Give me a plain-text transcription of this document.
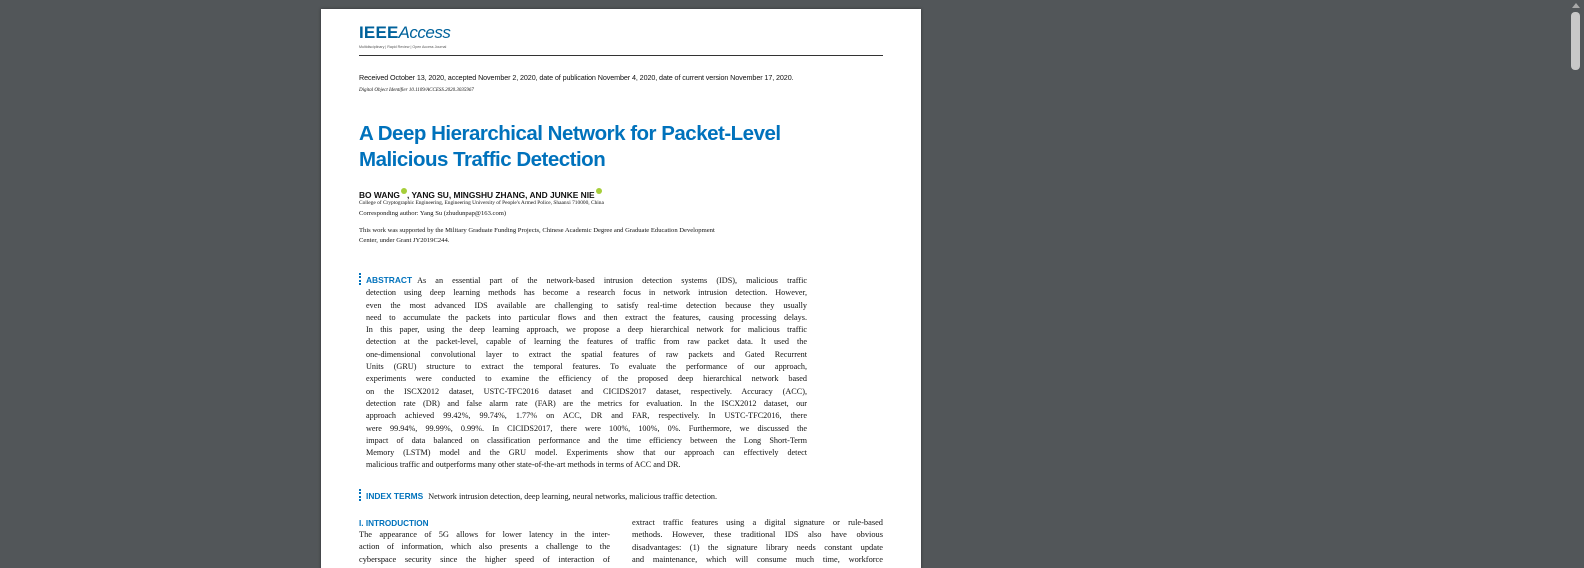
IEEEAccess
Multidisciplinary | Rapid Review | Open Access Journal
Received October 13, 2020, accepted November 2, 2020, date of publication November 4, 2020, date of current version November 17, 2020.
Digital Object Identifier 10.1109/ACCESS.2020.3035967
A Deep Hierarchical Network for Packet-Level
Malicious Traffic Detection
BO WANG , YANG SU, MINGSHU ZHANG, AND JUNKE NIE
College of Cryptographic Engineering, Engineering University of People's Armed Police, Shaanxi 710000, China
Corresponding author: Yang Su (zhudunpap@163.com)
This work was supported by the Military Graduate Funding Projects, Chinese Academic Degree and Graduate Education Development
Center, under Grant JY2019C244.
ABSTRACT As an essential part of the network-based intrusion detection systems (IDS), malicious traffic
detection using deep learning methods has become a research focus in network intrusion detection. However,
even the most advanced IDS available are challenging to satisfy real-time detection because they usually
need to accumulate the packets into particular flows and then extract the features, causing processing delays.
In this paper, using the deep learning approach, we propose a deep hierarchical network for malicious traffic
detection at the packet-level, capable of learning the features of traffic from raw packet data. It used the
one-dimensional convolutional layer to extract the spatial features of raw packets and Gated Recurrent
Units (GRU) structure to extract the temporal features. To evaluate the performance of our approach,
experiments were conducted to examine the efficiency of the proposed deep hierarchical network based
on the ISCX2012 dataset, USTC-TFC2016 dataset and CICIDS2017 dataset, respectively. Accuracy (ACC),
detection rate (DR) and false alarm rate (FAR) are the metrics for evaluation. In the ISCX2012 dataset, our
approach achieved 99.42%, 99.74%, 1.77% on ACC, DR and FAR, respectively. In USTC-TFC2016, there
were 99.94%, 99.99%, 0.99%. In CICIDS2017, there were 100%, 100%, 0%. Furthermore, we discussed the
impact of data balanced on classification performance and the time efficiency between the Long Short-Term
Memory (LSTM) model and the GRU model. Experiments show that our approach can effectively detect
malicious traffic and outperforms many other state-of-the-art methods in terms of ACC and DR.
INDEX TERMS Network intrusion detection, deep learning, neural networks, malicious traffic detection.
I. INTRODUCTION
The appearance of 5G allows for lower latency in the inter-
action of information, which also presents a challenge to the
cyberspace security since the higher speed of interaction of
extract traffic features using a digital signature or rule-based
methods. However, these traditional IDS also have obvious
disadvantages: (1) the signature library needs constant update
and maintenance, which will consume much time, workforce
